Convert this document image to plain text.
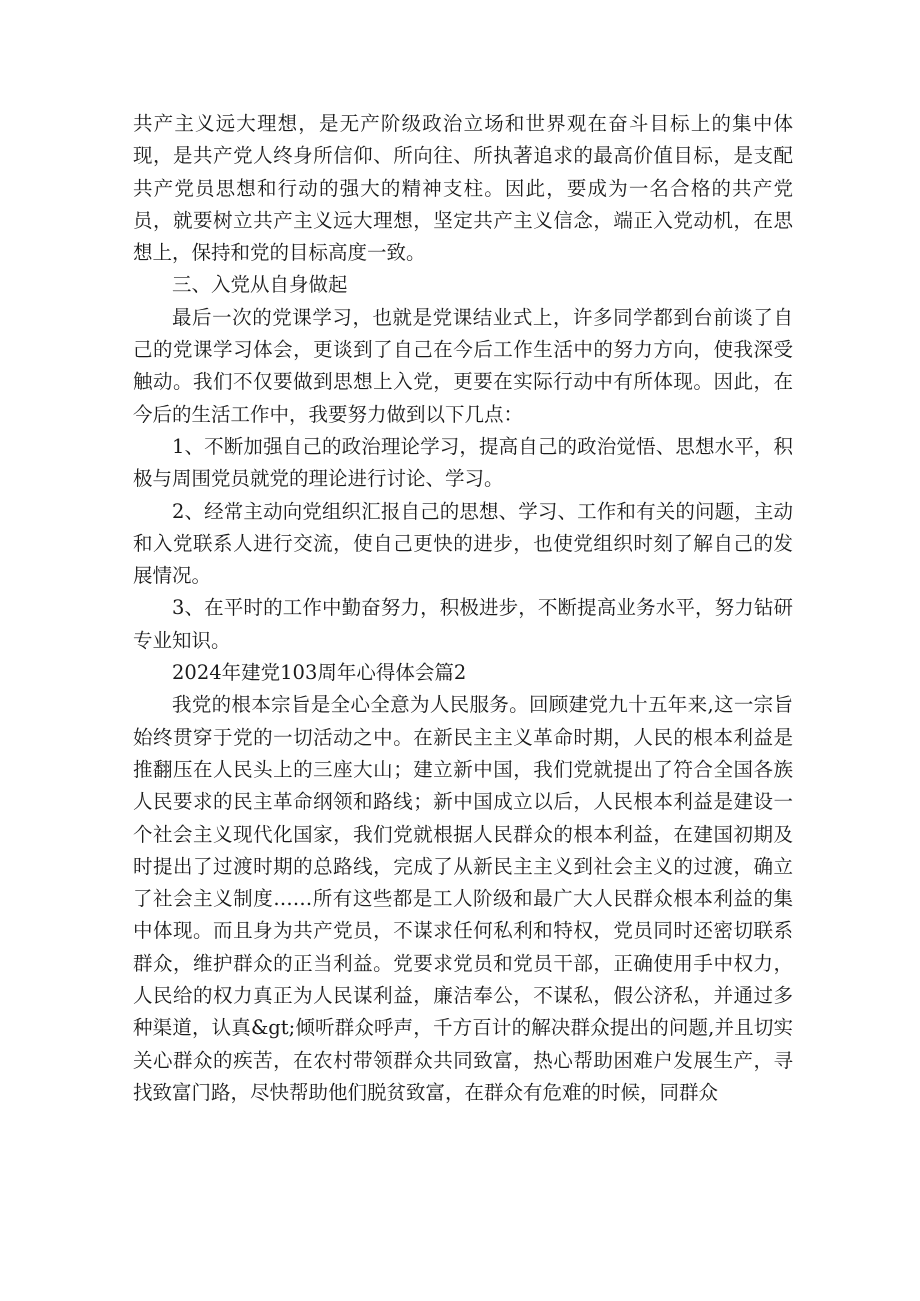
共产主义远大理想，是无产阶级政治立场和世界观在奋斗目标上的集中体现，是共产党人终身所信仰、所向往、所执著追求的最高价值目标，是支配共产党员思想和行动的强大的精神支柱。因此，要成为一名合格的共产党员，就要树立共产主义远大理想，坚定共产主义信念，端正入党动机，在思想上，保持和党的目标高度一致。

三、入党从自身做起

最后一次的党课学习，也就是党课结业式上，许多同学都到台前谈了自己的党课学习体会，更谈到了自己在今后工作生活中的努力方向，使我深受触动。我们不仅要做到思想上入党，更要在实际行动中有所体现。因此，在今后的生活工作中，我要努力做到以下几点：

1、不断加强自己的政治理论学习，提高自己的政治觉悟、思想水平，积极与周围党员就党的理论进行讨论、学习。

2、经常主动向党组织汇报自己的思想、学习、工作和有关的问题，主动和入党联系人进行交流，使自己更快的进步，也使党组织时刻了解自己的发展情况。

3、在平时的工作中勤奋努力，积极进步，不断提高业务水平，努力钻研专业知识。

2024年建党103周年心得体会篇2

我党的根本宗旨是全心全意为人民服务。回顾建党九十五年来,这一宗旨始终贯穿于党的一切活动之中。在新民主主义革命时期，人民的根本利益是推翻压在人民头上的三座大山；建立新中国，我们党就提出了符合全国各族人民要求的民主革命纲领和路线；新中国成立以后，人民根本利益是建设一个社会主义现代化国家，我们党就根据人民群众的根本利益，在建国初期及时提出了过渡时期的总路线，完成了从新民主主义到社会主义的过渡，确立了社会主义制度……所有这些都是工人阶级和最广大人民群众根本利益的集中体现。而且身为共产党员，不谋求任何私利和特权，党员同时还密切联系群众，维护群众的正当利益。党要求党员和党员干部，正确使用手中权力，人民给的权力真正为人民谋利益，廉洁奉公，不谋私，假公济私，并通过多种渠道，认真&gt;倾听群众呼声，千方百计的解决群众提出的问题,并且切实关心群众的疾苦，在农村带领群众共同致富，热心帮助困难户发展生产，寻找致富门路，尽快帮助他们脱贫致富，在群众有危难的时候，同群众
